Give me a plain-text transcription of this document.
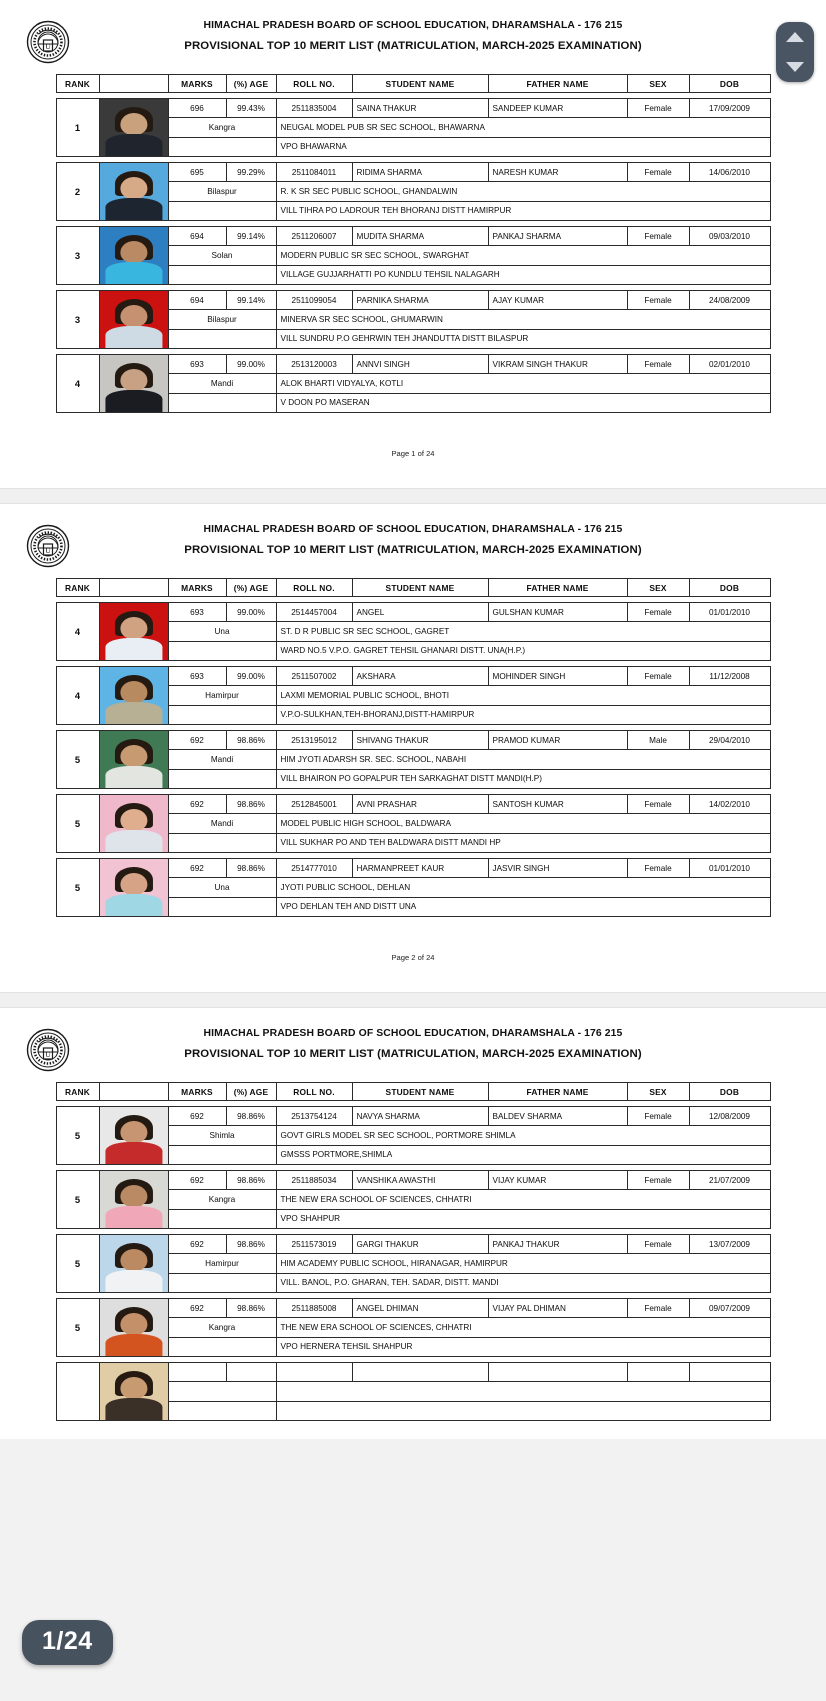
U
HIMACHAL PRADESH BOARD OF SCHOOL EDUCATION, DHARAMSHALA - 176 215
PROVISIONAL TOP 10 MERIT LIST (MATRICULATION, MARCH-2025 EXAMINATION)
RANK		MARKS	(%) AGE	ROLL NO.	STUDENT NAME	FATHER NAME	SEX	DOB

1		696	99.43%	2511835004	SAINA THAKUR	SANDEEP KUMAR	Female	17/09/2009
		Kangra		NEUGAL MODEL PUB SR SEC SCHOOL, BHAWARNA				
				VPO BHAWARNA				

2		695	99.29%	2511084011	RIDIMA SHARMA	NARESH KUMAR	Female	14/06/2010
		Bilaspur		R. K SR SEC PUBLIC SCHOOL, GHANDALWIN				
				VILL TIHRA PO LADROUR TEH BHORANJ DISTT HAMIRPUR				

3		694	99.14%	2511206007	MUDITA SHARMA	PANKAJ SHARMA	Female	09/03/2010
		Solan		MODERN PUBLIC SR SEC SCHOOL, SWARGHAT				
				VILLAGE GUJJARHATTI PO KUNDLU TEHSIL NALAGARH				

3		694	99.14%	2511099054	PARNIKA SHARMA	AJAY KUMAR	Female	24/08/2009
		Bilaspur		MINERVA SR SEC SCHOOL, GHUMARWIN				
				VILL SUNDRU P.O GEHRWIN TEH JHANDUTTA DISTT BILASPUR				

4		693	99.00%	2513120003	ANNVI SINGH	VIKRAM SINGH THAKUR	Female	02/01/2010
		Mandi		ALOK BHARTI VIDYALYA, KOTLI				
				V DOON PO MASERAN				
Page 1 of 24
U
HIMACHAL PRADESH BOARD OF SCHOOL EDUCATION, DHARAMSHALA - 176 215
PROVISIONAL TOP 10 MERIT LIST (MATRICULATION, MARCH-2025 EXAMINATION)
RANK		MARKS	(%) AGE	ROLL NO.	STUDENT NAME	FATHER NAME	SEX	DOB

4		693	99.00%	2514457004	ANGEL	GULSHAN KUMAR	Female	01/01/2010
		Una		ST. D R PUBLIC SR SEC SCHOOL, GAGRET				
				WARD NO.5 V.P.O. GAGRET TEHSIL GHANARI DISTT. UNA(H.P.)				

4		693	99.00%	2511507002	AKSHARA	MOHINDER SINGH	Female	11/12/2008
		Hamirpur		LAXMI MEMORIAL PUBLIC SCHOOL, BHOTI				
				V.P.O-SULKHAN,TEH-BHORANJ,DISTT-HAMIRPUR				

5		692	98.86%	2513195012	SHIVANG THAKUR	PRAMOD KUMAR	Male	29/04/2010
		Mandi		HIM JYOTI ADARSH SR. SEC. SCHOOL, NABAHI				
				VILL BHAIRON PO GOPALPUR TEH SARKAGHAT DISTT MANDI(H.P)				

5		692	98.86%	2512845001	AVNI PRASHAR	SANTOSH KUMAR	Female	14/02/2010
		Mandi		MODEL PUBLIC HIGH SCHOOL, BALDWARA				
				VILL SUKHAR PO AND TEH BALDWARA DISTT MANDI HP				

5		692	98.86%	2514777010	HARMANPREET KAUR	JASVIR SINGH	Female	01/01/2010
		Una		JYOTI PUBLIC SCHOOL, DEHLAN				
				VPO DEHLAN TEH AND DISTT UNA				
Page 2 of 24
U
HIMACHAL PRADESH BOARD OF SCHOOL EDUCATION, DHARAMSHALA - 176 215
PROVISIONAL TOP 10 MERIT LIST (MATRICULATION, MARCH-2025 EXAMINATION)
RANK		MARKS	(%) AGE	ROLL NO.	STUDENT NAME	FATHER NAME	SEX	DOB

5		692	98.86%	2513754124	NAVYA SHARMA	BALDEV SHARMA	Female	12/08/2009
		Shimla		GOVT GIRLS MODEL SR SEC SCHOOL, PORTMORE SHIMLA				
				GMSSS PORTMORE,SHIMLA				

5		692	98.86%	2511885034	VANSHIKA AWASTHI	VIJAY KUMAR	Female	21/07/2009
		Kangra		THE NEW ERA SCHOOL OF SCIENCES, CHHATRI				
				VPO SHAHPUR				

5		692	98.86%	2511573019	GARGI THAKUR	PANKAJ THAKUR	Female	13/07/2009
		Hamirpur		HIM ACADEMY PUBLIC SCHOOL, HIRANAGAR, HAMIRPUR				
				VILL. BANOL, P.O. GHARAN, TEH. SADAR, DISTT. MANDI				

5		692	98.86%	2511885008	ANGEL DHIMAN	VIJAY PAL DHIMAN	Female	09/07/2009
		Kangra		THE NEW ERA SCHOOL OF SCIENCES, CHHATRI				
				VPO HERNERA TEHSIL SHAHPUR				

1/24
